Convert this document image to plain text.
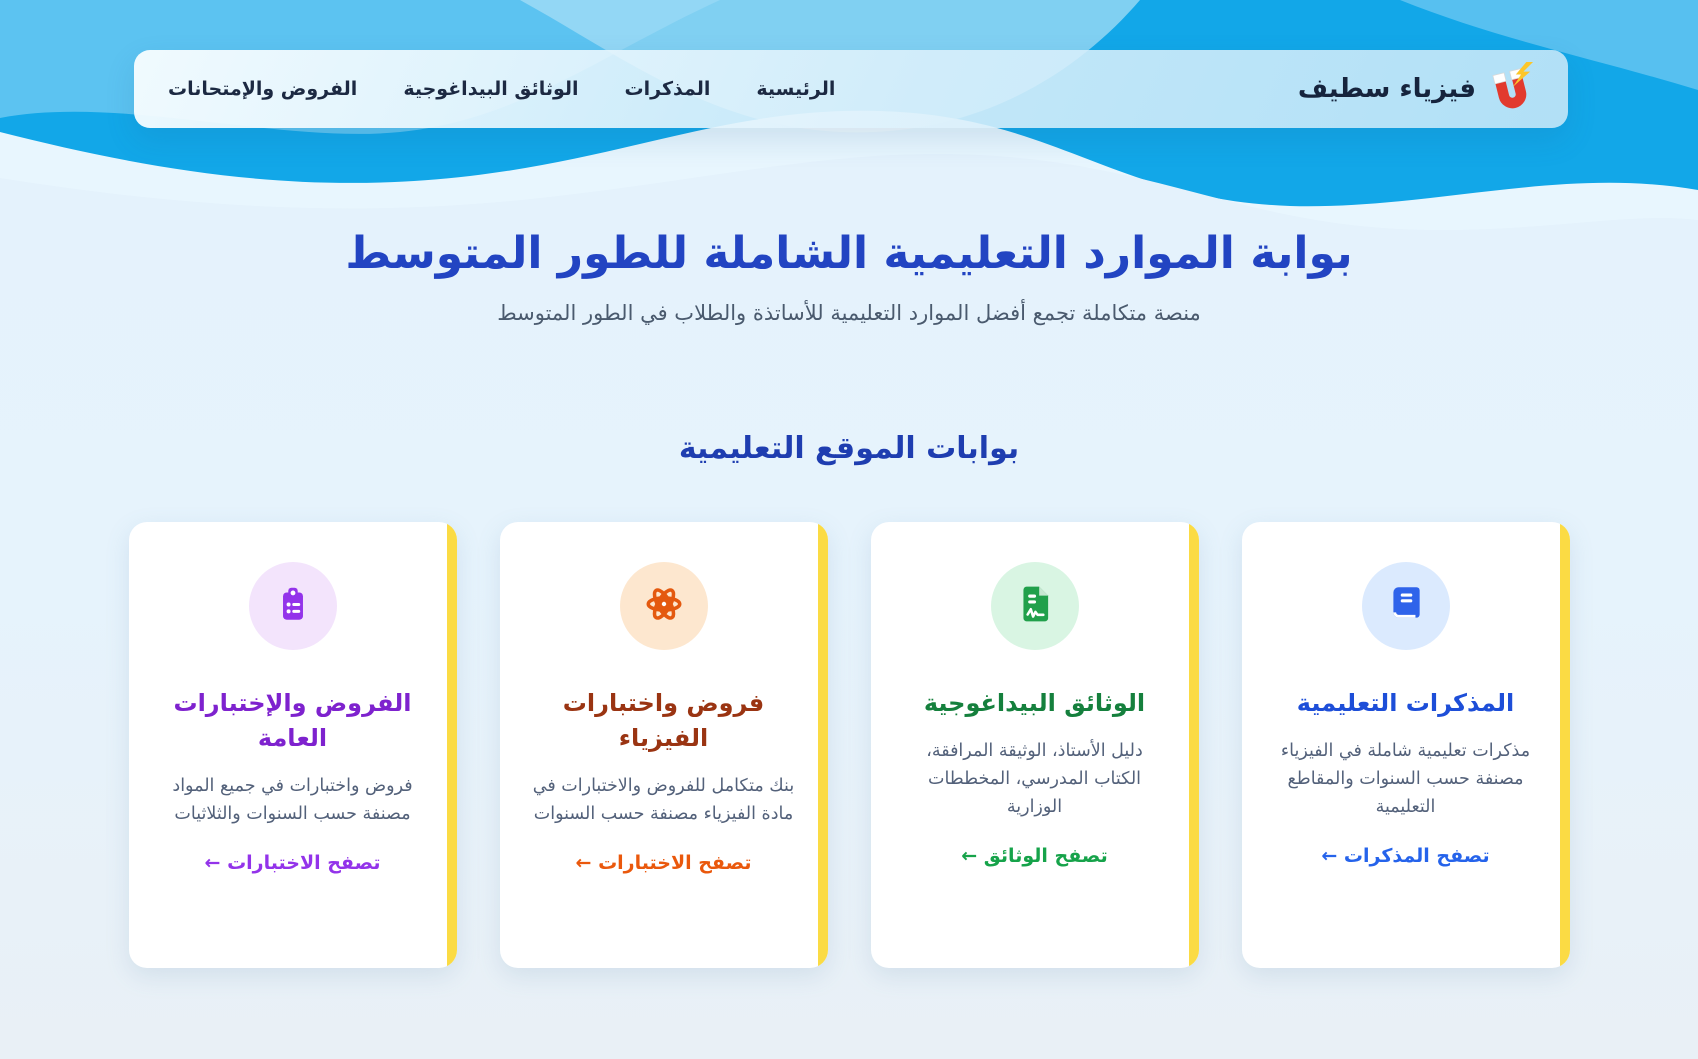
فيزياء سطيف
الرئيسية
المذكرات
الوثائق البيداغوجية
الفروض والإمتحانات
بوابة الموارد التعليمية الشاملة للطور المتوسط

منصة متكاملة تجمع أفضل الموارد التعليمية للأساتذة والطلاب في الطور المتوسط

بوابات الموقع التعليمية
المذكرات التعليمية

مذكرات تعليمية شاملة في الفيزياء مصنفة حسب السنوات والمقاطع التعليمية

تصفح المذكرات ←
الوثائق البيداغوجية

دليل الأستاذ، الوثيقة المرافقة، الكتاب المدرسي، المخططات الوزارية

تصفح الوثائق ←
فروض واختبارات الفيزياء

بنك متكامل للفروض والاختبارات في مادة الفيزياء مصنفة حسب السنوات

تصفح الاختبارات ←
الفروض والإختبارات العامة

فروض واختبارات في جميع المواد مصنفة حسب السنوات والثلاثيات

تصفح الاختبارات ←
